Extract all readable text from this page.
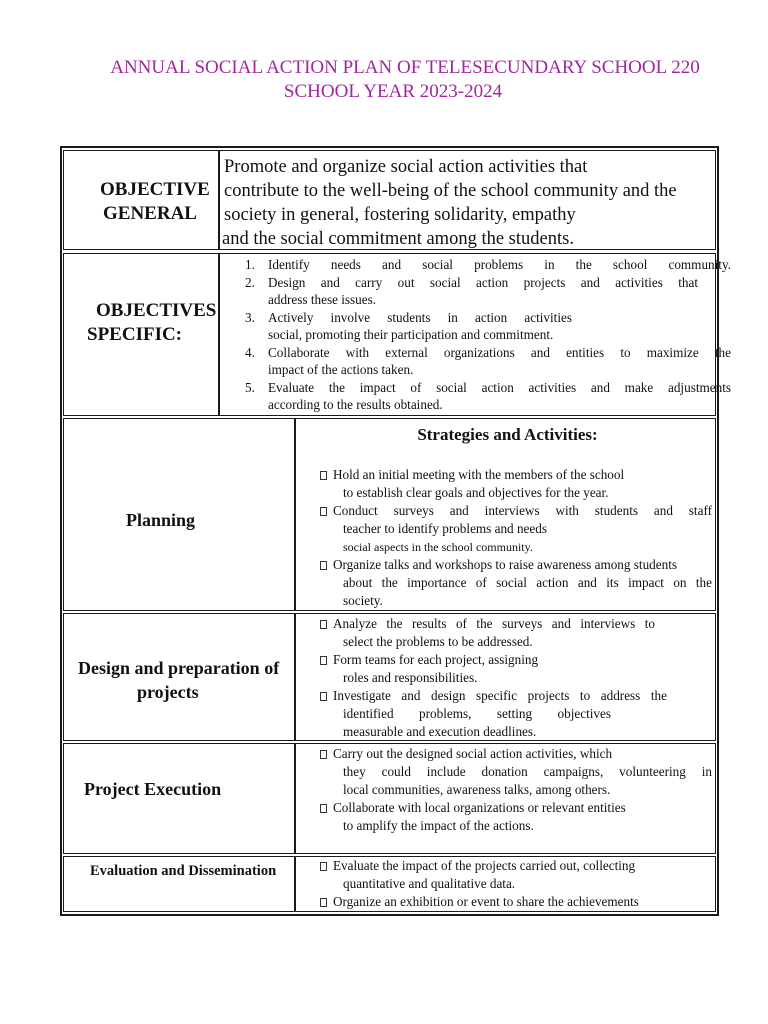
ANNUAL SOCIAL ACTION PLAN OF TELESECUNDARY SCHOOL 220
SCHOOL YEAR 2023-2024
OBJECTIVE
GENERAL
Promote and organize social action activities that
contribute to the well-being of the school community and the
society in general, fostering solidarity, empathy
and the social commitment among the students.
OBJECTIVES
SPECIFIC:
1. Identify needs and social problems in the school community.
2. Design and carry out social action projects and activities that
address these issues.
3. Actively involve students in action activities
social, promoting their participation and commitment.
4. Collaborate with external organizations and entities to maximize the
impact of the actions taken.
5. Evaluate the impact of social action activities and make adjustments
according to the results obtained.
Planning
Strategies and Activities:
Hold an initial meeting with the members of the school
to establish clear goals and objectives for the year.
Conduct surveys and interviews with students and staff
teacher to identify problems and needs
social aspects in the school community.
Organize talks and workshops to raise awareness among students
about the importance of social action and its impact on the
society.
Design and preparation of
projects
Analyze the results of the surveys and interviews to
select the problems to be addressed.
Form teams for each project, assigning
roles and responsibilities.
Investigate and design specific projects to address the
identified problems, setting objectives
measurable and execution deadlines.
Project Execution
Carry out the designed social action activities, which
they could include donation campaigns, volunteering in
local communities, awareness talks, among others.
Collaborate with local organizations or relevant entities
to amplify the impact of the actions.
Evaluation and Dissemination	Evaluate the impact of the projects carried out, collecting
quantitative and qualitative data.
Organize an exhibition or event to share the achievements
